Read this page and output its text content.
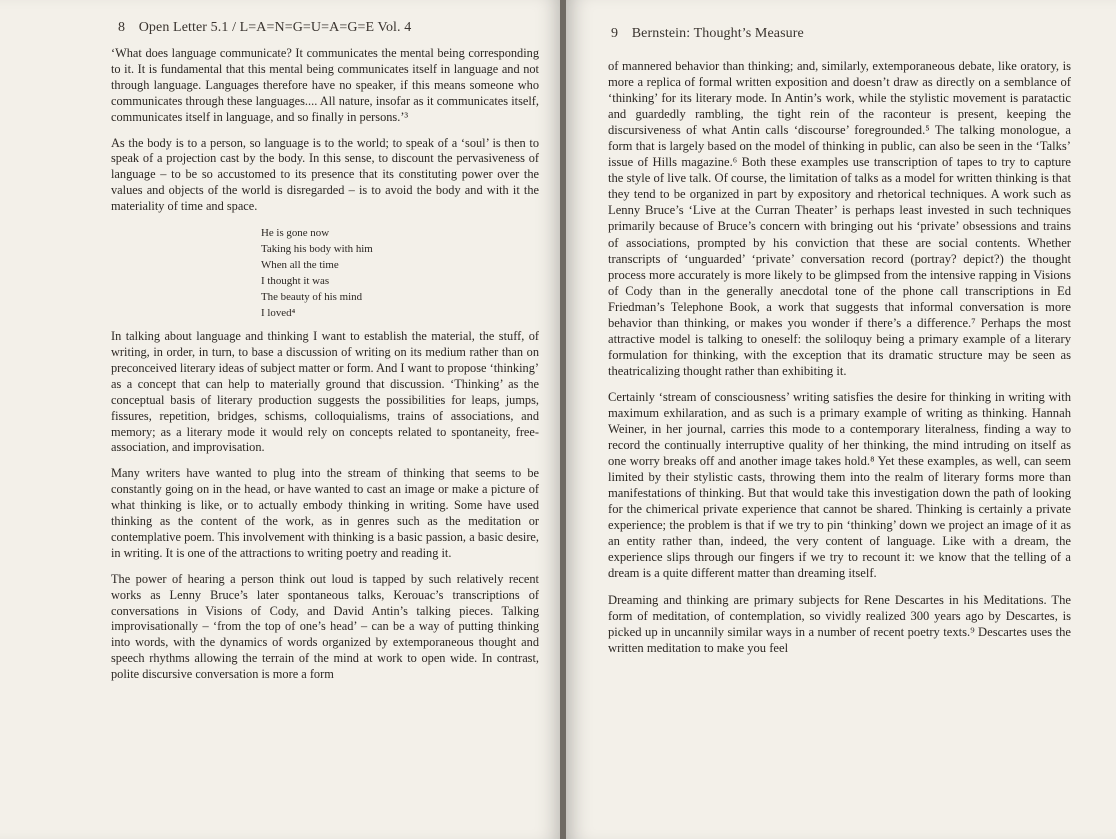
8 Open Letter 5.1 / L=A=N=G=U=A=G=E Vol. 4

‘What does language communicate? It communicates the mental being corresponding to it. It is fundamental that this mental being communicates itself in language and not through language. Languages therefore have no speaker, if this means someone who communicates through these languages.... All nature, insofar as it communicates itself, communicates itself in language, and so finally in persons.’³

As the body is to a person, so language is to the world; to speak of a ‘soul’ is then to speak of a projection cast by the body. In this sense, to discount the pervasiveness of language – to be so accustomed to its presence that its constituting power over the values and objects of the world is disregarded – is to avoid the body and with it the materiality of time and space.

He is gone now
Taking his body with him
When all the time
I thought it was
The beauty of his mind
I loved⁴

In talking about language and thinking I want to establish the material, the stuff, of writing, in order, in turn, to base a discussion of writing on its medium rather than on preconceived literary ideas of subject matter or form. And I want to propose ‘thinking’ as a concept that can help to materially ground that discussion. ‘Thinking’ as the conceptual basis of literary production suggests the possibilities for leaps, jumps, fissures, repetition, bridges, schisms, colloquialisms, trains of associations, and memory; as a literary mode it would rely on concepts related to spontaneity, free-association, and improvisation.

Many writers have wanted to plug into the stream of thinking that seems to be constantly going on in the head, or have wanted to cast an image or make a picture of what thinking is like, or to actually embody thinking in writing. Some have used thinking as the content of the work, as in genres such as the meditation or contemplative poem. This involvement with thinking is a basic passion, a basic desire, in writing. It is one of the attractions to writing poetry and reading it.

The power of hearing a person think out loud is tapped by such relatively recent works as Lenny Bruce’s later spontaneous talks, Kerouac’s transcriptions of conversations in Visions of Cody, and David Antin’s talking pieces. Talking improvisationally – ‘from the top of one’s head’ – can be a way of putting thinking into words, with the dynamics of words organized by extemporaneous thought and speech rhythms allowing the terrain of the mind at work to open wide. In contrast, polite discursive conversation is more a form

9 Bernstein: Thought’s Measure

of mannered behavior than thinking; and, similarly, extemporaneous debate, like oratory, is more a replica of formal written exposition and doesn’t draw as directly on a semblance of ‘thinking’ for its literary mode. In Antin’s work, while the stylistic movement is paratactic and guardedly rambling, the tight rein of the raconteur is present, keeping the discursiveness of what Antin calls ‘discourse’ foregrounded.⁵ The talking monologue, a form that is largely based on the model of thinking in public, can also be seen in the ‘Talks’ issue of Hills magazine.⁶ Both these examples use transcription of tapes to try to capture the style of live talk. Of course, the limitation of talks as a model for written thinking is that they tend to be organized in part by expository and rhetorical techniques. A work such as Lenny Bruce’s ‘Live at the Curran Theater’ is perhaps least invested in such techniques primarily because of Bruce’s concern with bringing out his ‘private’ obsessions and trains of associations, prompted by his conviction that these are social contents. Whether transcripts of ‘unguarded’ ‘private’ conversation record (portray? depict?) the thought process more accurately is more likely to be glimpsed from the intensive rapping in Visions of Cody than in the generally anecdotal tone of the phone call transcriptions in Ed Friedman’s Telephone Book, a work that suggests that informal conversation is more behavior than thinking, or makes you wonder if there’s a difference.⁷ Perhaps the most attractive model is talking to oneself: the soliloquy being a primary example of a literary formulation for thinking, with the exception that its dramatic structure may be seen as theatricalizing thought rather than exhibiting it.

Certainly ‘stream of consciousness’ writing satisfies the desire for thinking in writing with maximum exhilaration, and as such is a primary example of writing as thinking. Hannah Weiner, in her journal, carries this mode to a contemporary literalness, finding a way to record the continually interruptive quality of her thinking, the mind intruding on itself as one worry breaks off and another image takes hold.⁸ Yet these examples, as well, can seem limited by their stylistic casts, throwing them into the realm of literary forms more than manifestations of thinking. But that would take this investigation down the path of looking for the chimerical private experience that cannot be shared. Thinking is certainly a private experience; the problem is that if we try to pin ‘thinking’ down we project an image of it as an entity rather than, indeed, the very content of language. Like with a dream, the experience slips through our fingers if we try to recount it: we know that the telling of a dream is a quite different matter than dreaming itself.

Dreaming and thinking are primary subjects for Rene Descartes in his Meditations. The form of meditation, of contemplation, so vividly realized 300 years ago by Descartes, is picked up in uncannily similar ways in a number of recent poetry texts.⁹ Descartes uses the written meditation to make you feel
